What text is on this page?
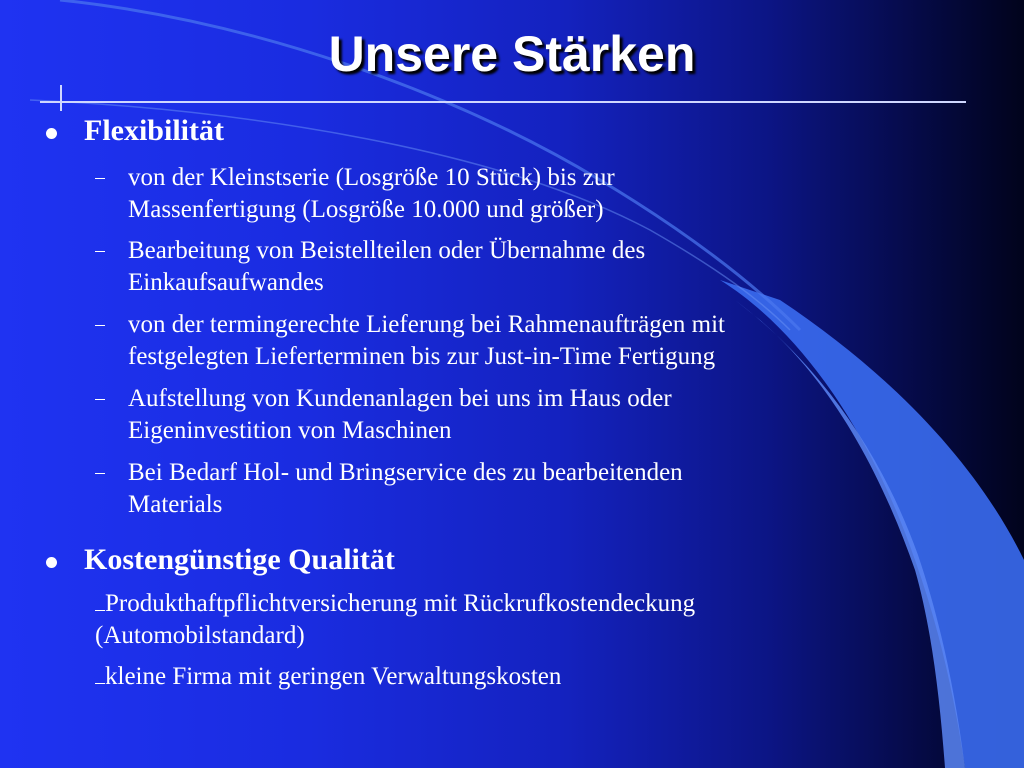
Unsere Stärken
Flexibilität
von der Kleinstserie (Losgröße 10 Stück) bis zur
Massenfertigung (Losgröße 10.000 und größer)
Bearbeitung von Beistellteilen oder Übernahme des
Einkaufsaufwandes
von der termingerechte Lieferung bei Rahmenaufträgen mit
festgelegten Lieferterminen bis zur Just-in-Time Fertigung
Aufstellung von Kundenanlagen bei uns im Haus oder
Eigeninvestition von Maschinen
Bei Bedarf Hol- und Bringservice des zu bearbeitenden
Materials
Kostengünstige Qualität
Produkthaftpflichtversicherung mit Rückrufkostendeckung
(Automobilstandard)
kleine Firma mit geringen Verwaltungskosten
